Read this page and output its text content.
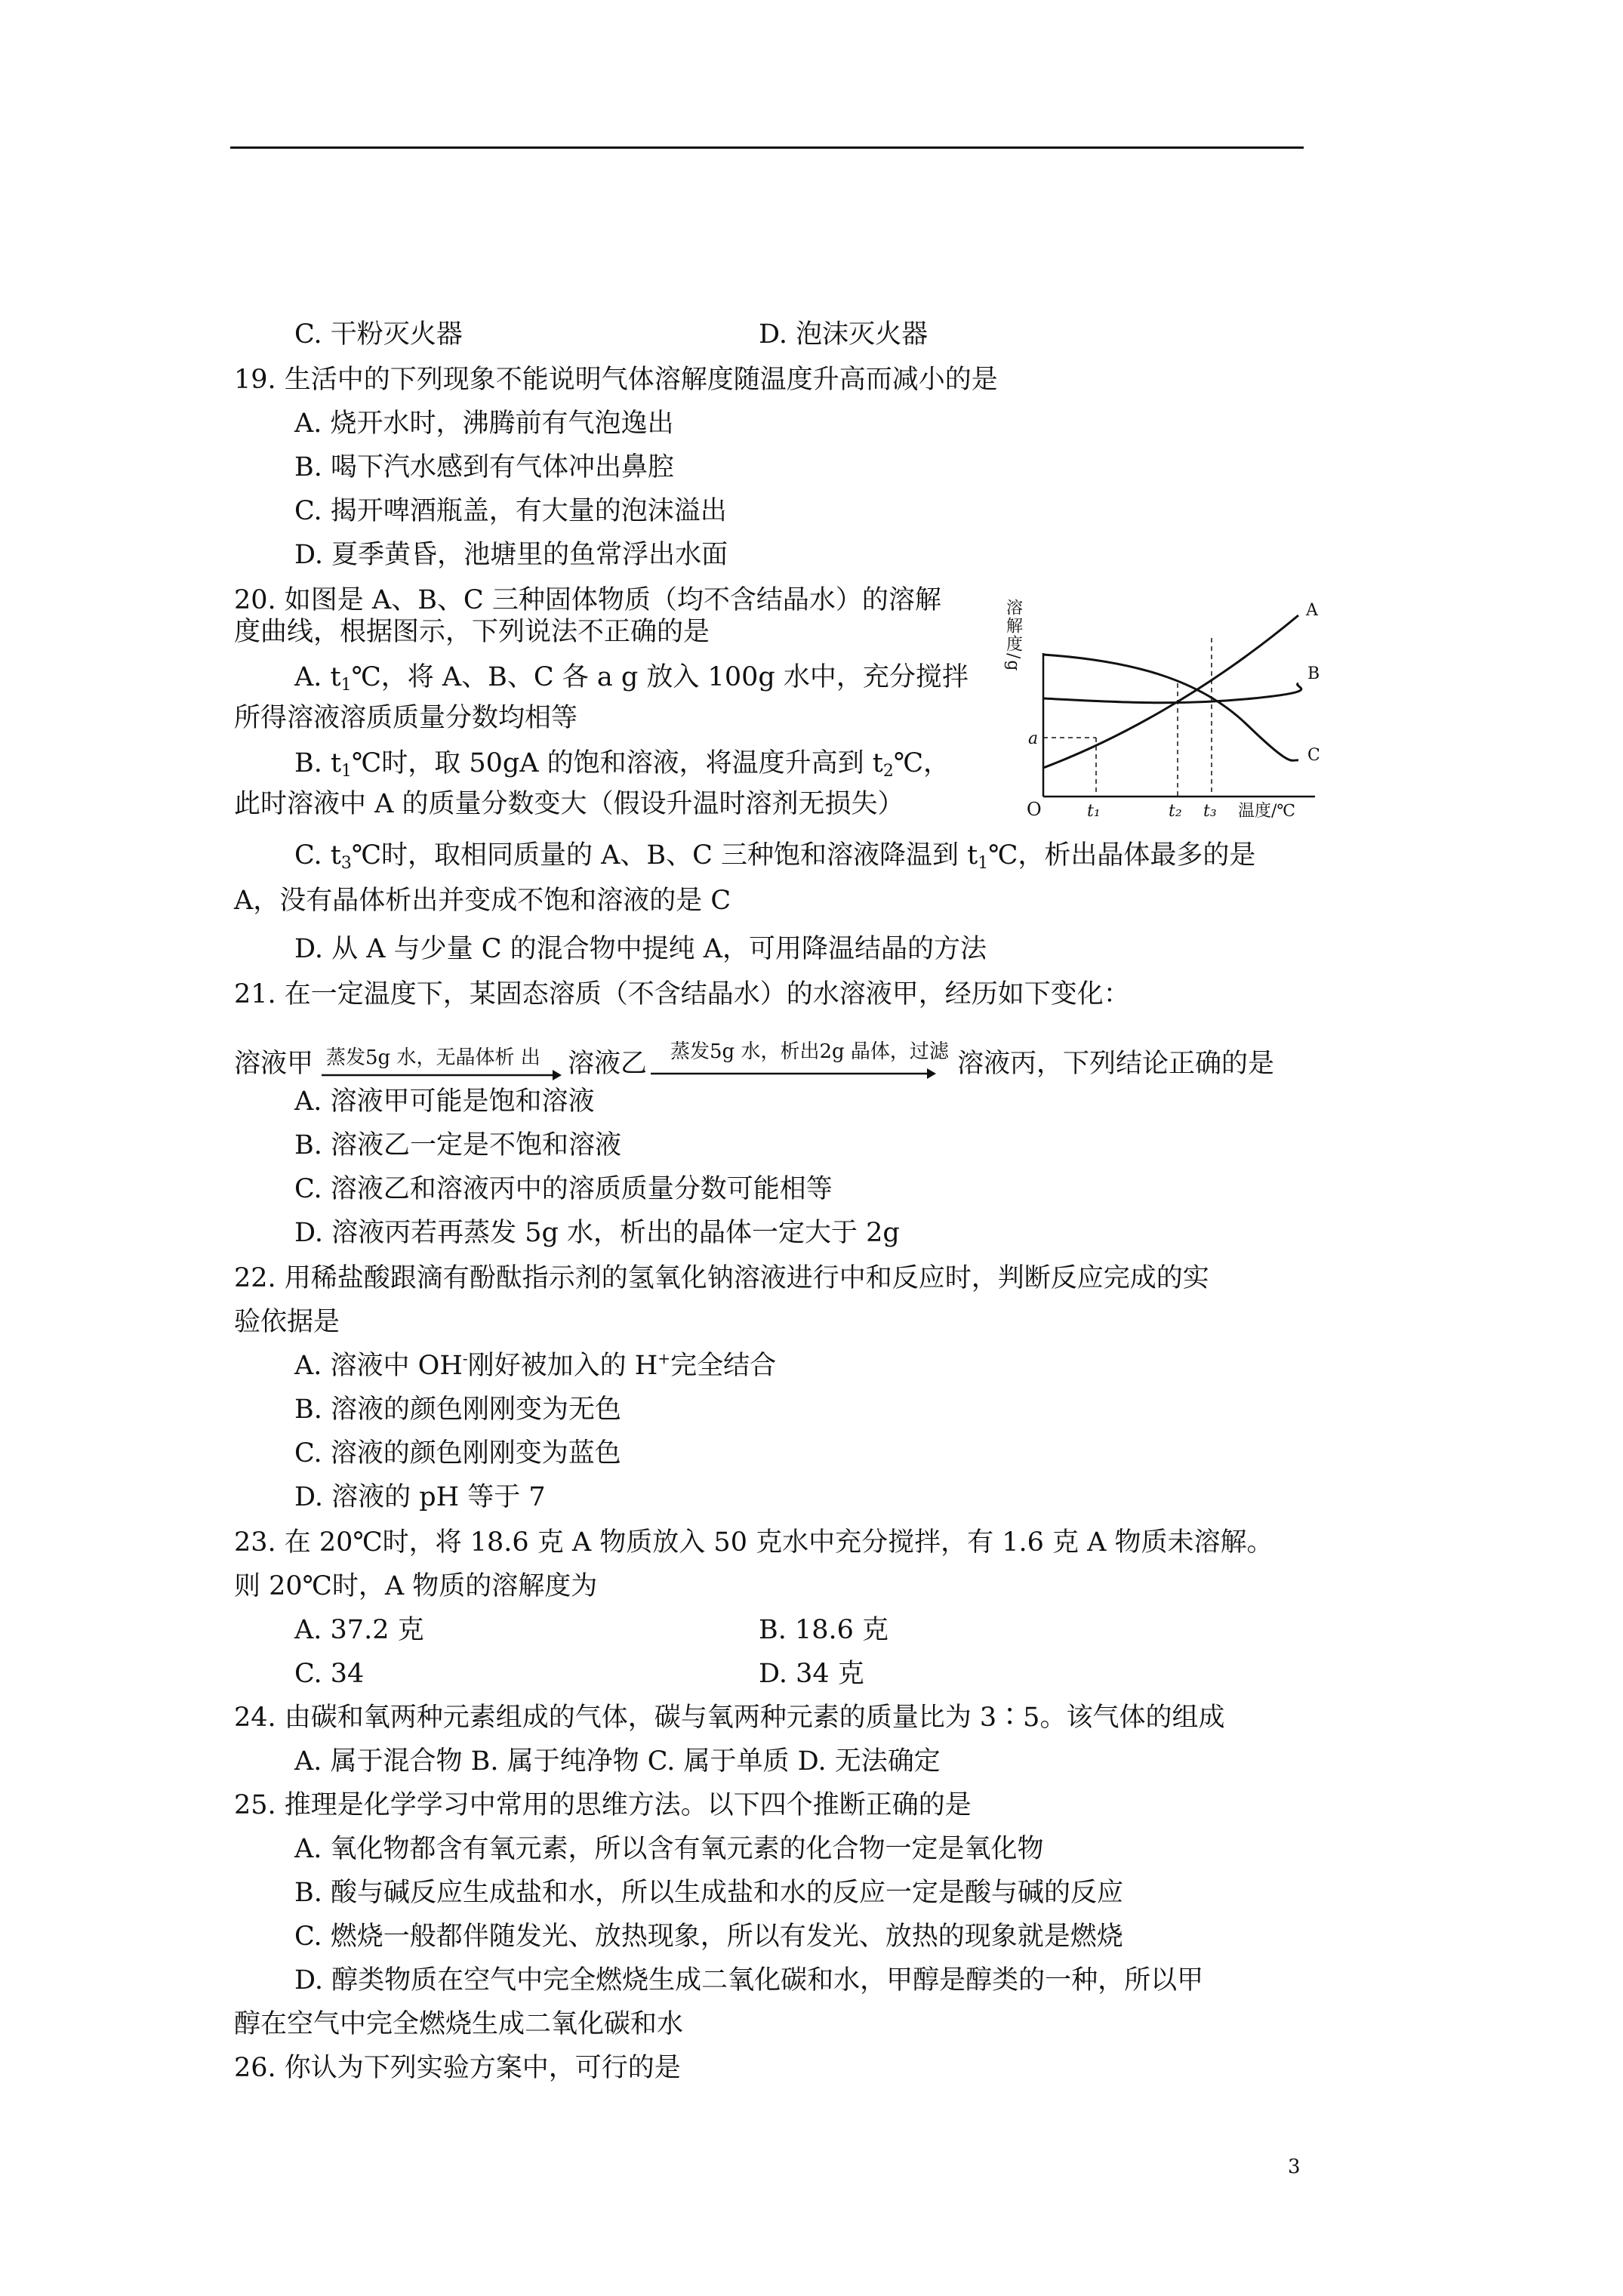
C. 干粉灭火器	D. 泡沫灭火器
19. 生活中的下列现象不能说明气体溶解度随温度升高而减小的是
A. 烧开水时，沸腾前有气泡逸出
B. 喝下汽水感到有气体冲出鼻腔
C. 揭开啤酒瓶盖，有大量的泡沫溢出
D. 夏季黄昏，池塘里的鱼常浮出水面
20. 如图是 A、B、C 三种固体物质（均不含结晶水）的溶解
度曲线，根据图示，下列说法不正确的是
A. $t_1℃$，将 A、B、C 各 a g 放入 100g 水中，充分搅拌
所得溶液溶质质量分数均相等
B. $t_1℃$时，取 50gA 的饱和溶液，将温度升高到 $t_2℃$，
此时溶液中 A 的质量分数变大（假设升温时溶剂无损失）
C. $t_3℃$时，取相同质量的 A、B、C 三种饱和溶液降温到 $t_1℃$，析出晶体最多的是
A，没有晶体析出并变成不饱和溶液的是 C
D. 从 A 与少量 C 的混合物中提纯 A，可用降温结晶的方法
溶解度/g
O
a
t₁	t₂ t₃ 温度/℃
A
B
C
21. 在一定温度下，某固态溶质（不含结晶水）的水溶液甲，经历如下变化：
溶液甲 蒸发5g 水，无晶体析 出 溶液乙 蒸发5g 水，析出2g 晶体，过滤 溶液丙，下列结论正确的是
A. 溶液甲可能是饱和溶液
B. 溶液乙一定是不饱和溶液
C. 溶液乙和溶液丙中的溶质质量分数可能相等
D. 溶液丙若再蒸发 5g 水，析出的晶体一定大于 2g
22. 用稀盐酸跟滴有酚酞指示剂的氢氧化钠溶液进行中和反应时，判断反应完成的实
验依据是
A. 溶液中 OH-刚好被加入的 H+完全结合
B. 溶液的颜色刚刚变为无色
C. 溶液的颜色刚刚变为蓝色
D. 溶液的 pH 等于 7
23. 在 20℃时，将 18.6 克 A 物质放入 50 克水中充分搅拌，有 1.6 克 A 物质未溶解。
则 20℃时，A 物质的溶解度为
A. 37.2 克	B. 18.6 克
C. 34	D. 34 克
24. 由碳和氧两种元素组成的气体，碳与氧两种元素的质量比为 3∶5。该气体的组成
A. 属于混合物 B. 属于纯净物 C. 属于单质 D. 无法确定
25. 推理是化学学习中常用的思维方法。以下四个推断正确的是
A. 氧化物都含有氧元素，所以含有氧元素的化合物一定是氧化物
B. 酸与碱反应生成盐和水，所以生成盐和水的反应一定是酸与碱的反应
C. 燃烧一般都伴随发光、放热现象，所以有发光、放热的现象就是燃烧
D. 醇类物质在空气中完全燃烧生成二氧化碳和水，甲醇是醇类的一种，所以甲
醇在空气中完全燃烧生成二氧化碳和水
26. 你认为下列实验方案中，可行的是
3
